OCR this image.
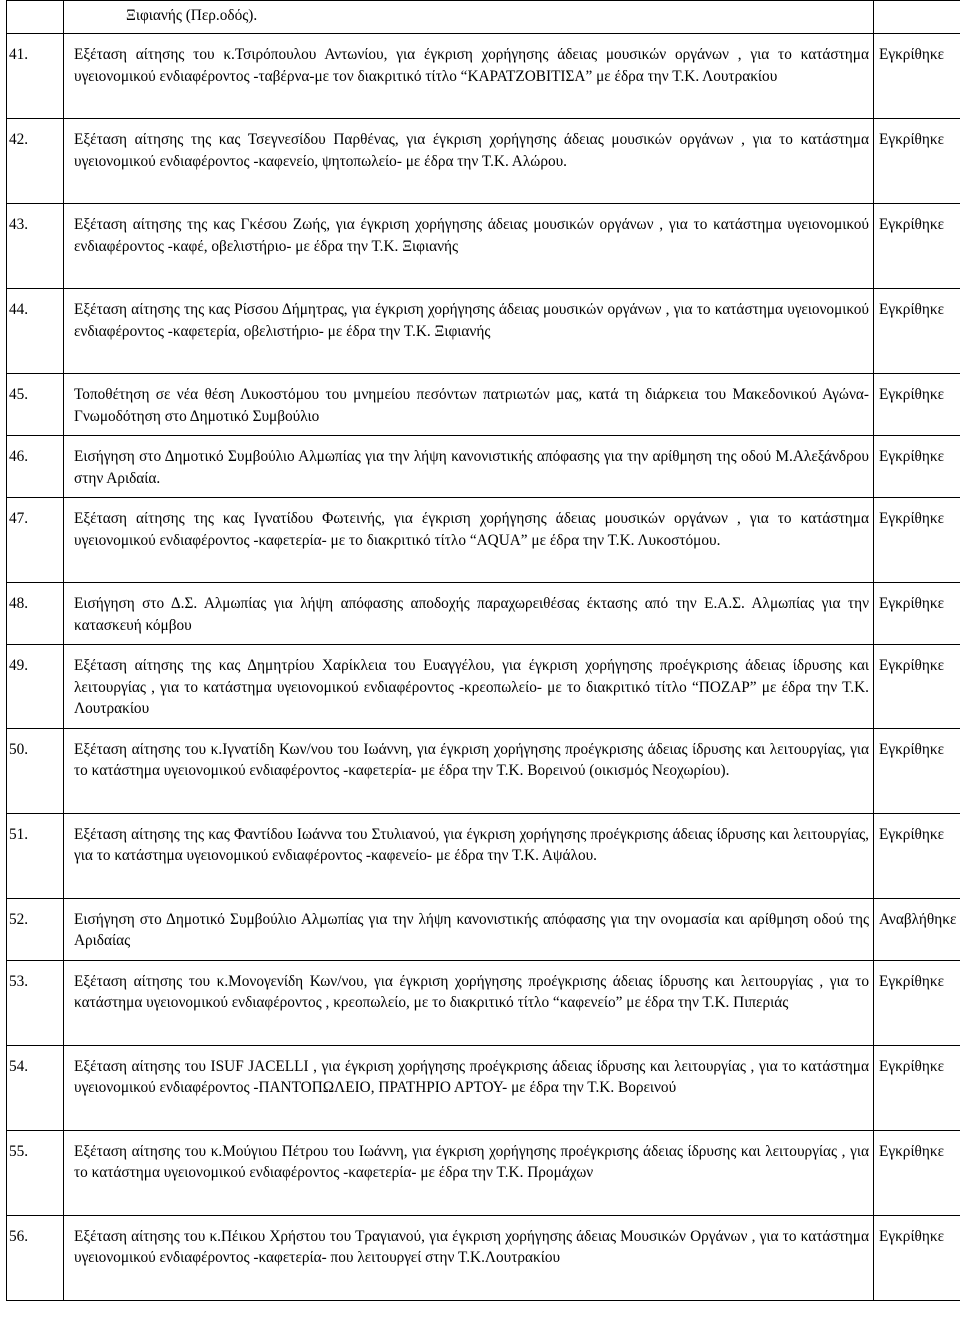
	Ξιφιανής (Περ.οδός).	
41.	Εξέταση αίτησης του κ.Τσιρόπουλου Αντωνίου, για έγκριση χορήγησης άδειας μουσικών οργάνων , για το κατάστημα υγειονομικού ενδιαφέροντος -ταβέρνα-με τον διακριτικό τίτλο “ΚΑΡΑΤΖΟΒΙΤΙΣΑ” με έδρα την Τ.Κ. Λουτρακίου	Εγκρίθηκε
42.	Εξέταση αίτησης της κας Τσεγνεσίδου Παρθένας, για έγκριση χορήγησης άδειας μουσικών οργάνων , για το κατάστημα υγειονομικού ενδιαφέροντος -καφενείο, ψητοπωλείο- με έδρα την Τ.Κ. Αλώρου.	Εγκρίθηκε
43.	Εξέταση αίτησης της κας Γκέσου Ζωής, για έγκριση χορήγησης άδειας μουσικών οργάνων , για το κατάστημα υγειονομικού ενδιαφέροντος -καφέ, οβελιστήριο- με έδρα την Τ.Κ. Ξιφιανής	Εγκρίθηκε
44.	Εξέταση αίτησης της κας Ρίσσου Δήμητρας, για έγκριση χορήγησης άδειας μουσικών οργάνων , για το κατάστημα υγειονομικού ενδιαφέροντος -καφετερία, οβελιστήριο- με έδρα την Τ.Κ. Ξιφιανής	Εγκρίθηκε
45.	Τοποθέτηση σε νέα θέση Λυκοστόμου του μνημείου πεσόντων πατριωτών μας, κατά τη διάρκεια του Μακεδονικού Αγώνα- Γνωμοδότηση στο Δημοτικό Συμβούλιο	Εγκρίθηκε
46.	Εισήγηση στο Δημοτικό Συμβούλιο Αλμωπίας για την λήψη κανονιστικής απόφασης για την αρίθμηση της οδού Μ.Αλεξάνδρου στην Αριδαία.	Εγκρίθηκε
47.	Εξέταση αίτησης της κας Ιγνατίδου Φωτεινής, για έγκριση χορήγησης άδειας μουσικών οργάνων , για το κατάστημα υγειονομικού ενδιαφέροντος -καφετερία- με το διακριτικό τίτλο “AQUA” με έδρα την Τ.Κ. Λυκοστόμου.	Εγκρίθηκε
48.	Εισήγηση στο Δ.Σ. Αλμωπίας για λήψη απόφασης αποδοχής παραχωρειθέσας έκτασης από την Ε.Α.Σ. Αλμωπίας για την κατασκευή κόμβου	Εγκρίθηκε
49.	Εξέταση αίτησης της κας Δημητρίου Χαρίκλεια του Ευαγγέλου, για έγκριση χορήγησης προέγκρισης άδειας ίδρυσης και λειτουργίας , για το κατάστημα υγειονομικού ενδιαφέροντος -κρεοπωλείο- με το διακριτικό τίτλο “ΠΟΖΑΡ” με έδρα την Τ.Κ. Λουτρακίου	Εγκρίθηκε
50.	Εξέταση αίτησης του κ.Ιγνατίδη Κων/νου του Ιωάννη, για έγκριση χορήγησης προέγκρισης άδειας ίδρυσης και λειτουργίας, για το κατάστημα υγειονομικού ενδιαφέροντος -καφετερία- με έδρα την Τ.Κ. Βορεινού (οικισμός Νεοχωρίου).	Εγκρίθηκε
51.	Εξέταση αίτησης της κας Φαντίδου Ιωάννα του Στυλιανού, για έγκριση χορήγησης προέγκρισης άδειας ίδρυσης και λειτουργίας, για το κατάστημα υγειονομικού ενδιαφέροντος -καφενείο- με έδρα την Τ.Κ. Αψάλου.	Εγκρίθηκε
52.	Εισήγηση στο Δημοτικό Συμβούλιο Αλμωπίας για την λήψη κανονιστικής απόφασης για την ονομασία και αρίθμηση οδού της Αριδαίας	Αναβλήθηκε
53.	Εξέταση αίτησης του κ.Μονογενίδη Κων/νου, για έγκριση χορήγησης προέγκρισης άδειας ίδρυσης και λειτουργίας , για το κατάστημα υγειονομικού ενδιαφέροντος , κρεοπωλείο, με το διακριτικό τίτλο “καφενείο” με έδρα την Τ.Κ. Πιπεριάς	Εγκρίθηκε
54.	Εξέταση αίτησης του ISUF JACELLI , για έγκριση χορήγησης προέγκρισης άδειας ίδρυσης και λειτουργίας , για το κατάστημα υγειονομικού ενδιαφέροντος -ΠΑΝΤΟΠΩΛΕΙΟ, ΠΡΑΤΗΡΙΟ ΑΡΤΟΥ- με έδρα την Τ.Κ. Βορεινού	Εγκρίθηκε
55.	Εξέταση αίτησης του κ.Μούγιου Πέτρου του Ιωάννη, για έγκριση χορήγησης προέγκρισης άδειας ίδρυσης και λειτουργίας , για το κατάστημα υγειονομικού ενδιαφέροντος -καφετερία- με έδρα την Τ.Κ. Προμάχων	Εγκρίθηκε
56.	Εξέταση αίτησης του κ.Πέικου Χρήστου του Τραγιανού, για έγκριση χορήγησης άδειας Μουσικών Οργάνων , για το κατάστημα υγειονομικού ενδιαφέροντος -καφετερία- που λειτουργεί στην Τ.Κ.Λουτρακίου	Εγκρίθηκε
